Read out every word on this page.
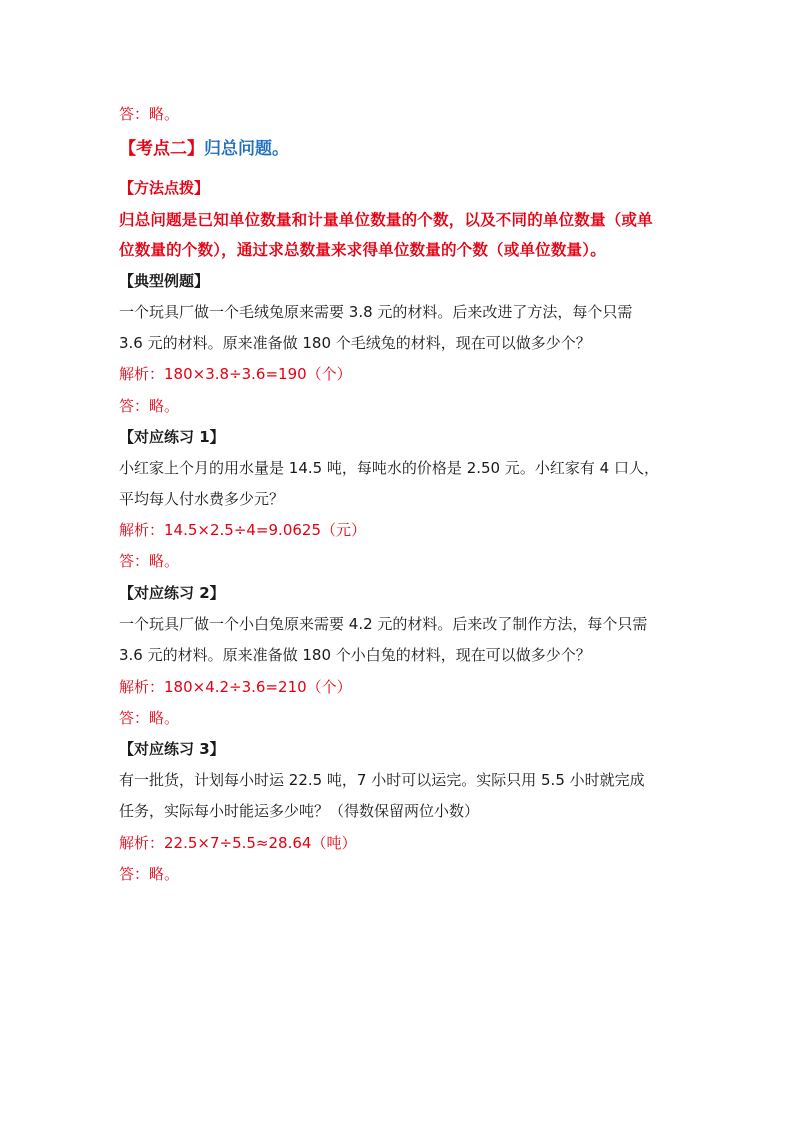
答：略。
【考点二】归总问题。
【方法点拨】
归总问题是已知单位数量和计量单位数量的个数，以及不同的单位数量（或单
位数量的个数），通过求总数量来求得单位数量的个数（或单位数量）。
【典型例题】
一个玩具厂做一个毛绒兔原来需要 3.8 元的材料。后来改进了方法，每个只需
3.6 元的材料。原来准备做 180 个毛绒兔的材料，现在可以做多少个？
解析：180×3.8÷3.6=190（个）
答：略。
【对应练习 1】
小红家上个月的用水量是 14.5 吨，每吨水的价格是 2.50 元。小红家有 4 口人，
平均每人付水费多少元？
解析：14.5×2.5÷4=9.0625（元）
答：略。
【对应练习 2】
一个玩具厂做一个小白兔原来需要 4.2 元的材料。后来改了制作方法，每个只需
3.6 元的材料。原来准备做 180 个小白兔的材料，现在可以做多少个？
解析：180×4.2÷3.6=210（个）
答：略。
【对应练习 3】
有一批货，计划每小时运 22.5 吨，7 小时可以运完。实际只用 5.5 小时就完成
任务，实际每小时能运多少吨？（得数保留两位小数）
解析：22.5×7÷5.5≈28.64（吨）
答：略。
